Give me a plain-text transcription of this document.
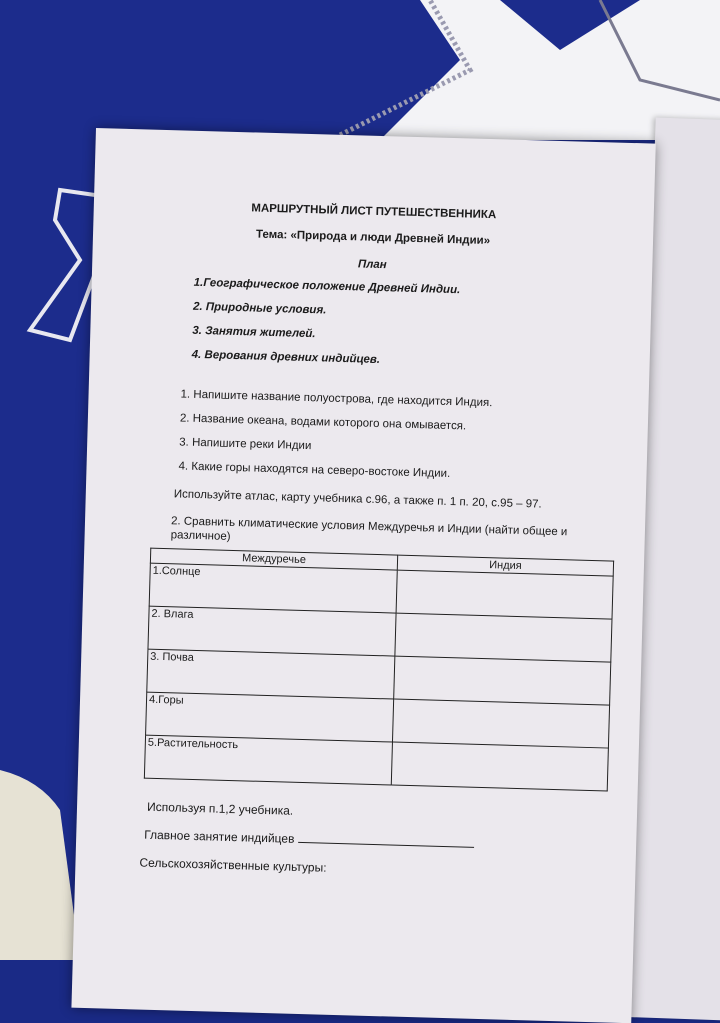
МАРШРУТНЫЙ ЛИСТ ПУТЕШЕСТВЕННИКА
Тема: «Природа и люди Древней Индии»
План
1.Географическое положение Древней Индии.
2. Природные условия.
3. Занятия жителей.
4. Верования древних индийцев.
1. Напишите название полуострова, где находится Индия.
2. Название океана, водами которого она омывается.
3. Напишите реки Индии
4. Какие горы находятся на северо-востоке Индии.
Используйте атлас, карту учебника с.96, а также п. 1 п. 20, с.95 – 97.
2. Сравнить климатические условия Междуречья и Индии (найти общее и различное)
Междуречье	Индия
1.Солнце	
2. Влага	
3. Почва	
4.Горы	
5.Растительность	
Используя п.1,2 учебника.
Главное занятие индийцев
Сельскохозяйственные культуры:
